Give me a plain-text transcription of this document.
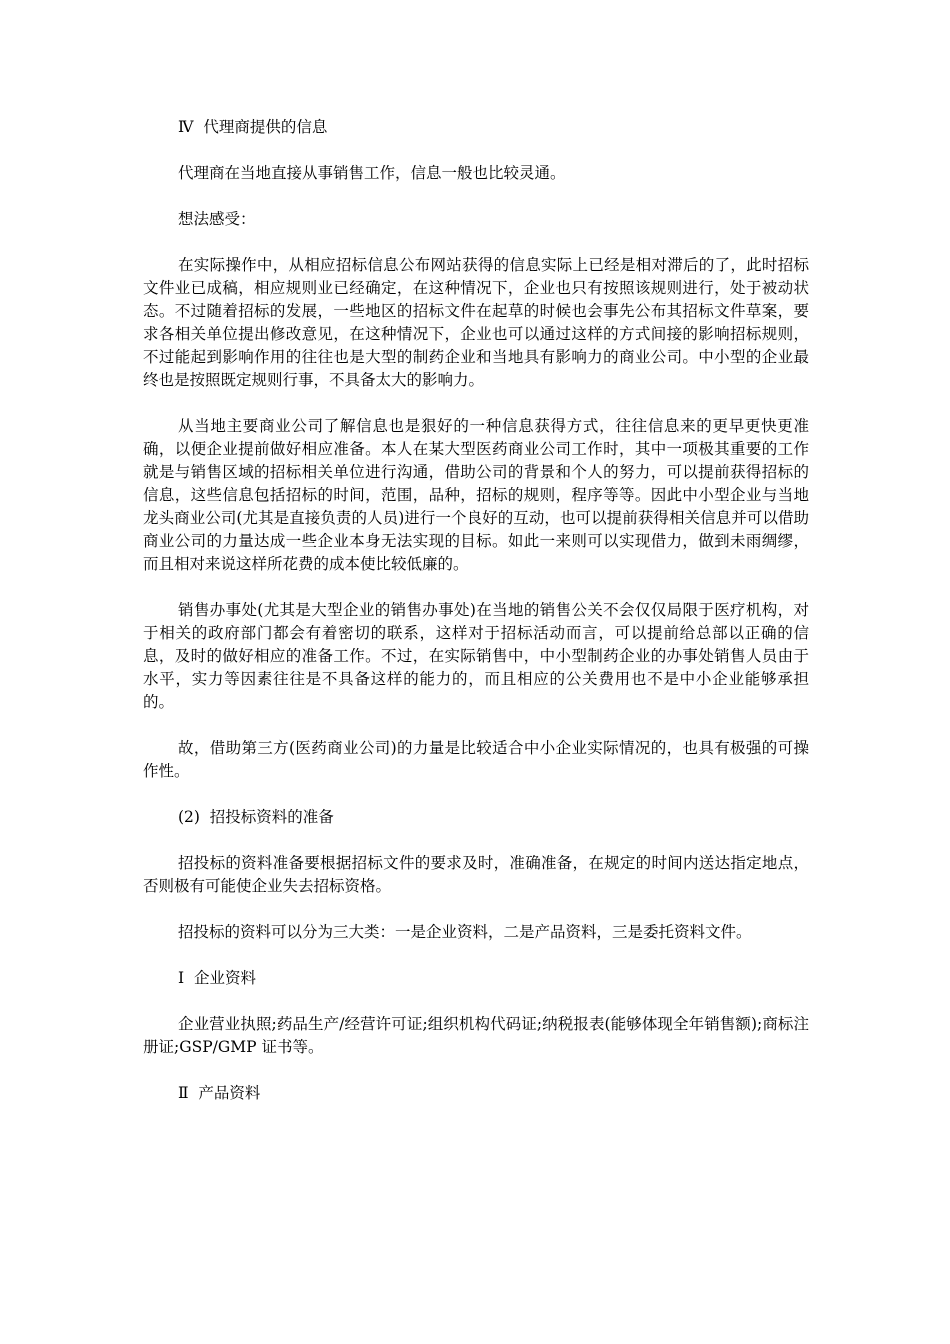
Ⅳ  代理商提供的信息

代理商在当地直接从事销售工作，信息一般也比较灵通。

想法感受：

在实际操作中，从相应招标信息公布网站获得的信息实际上已经是相对滞后的了，此时招标文件业已成稿，相应规则业已经确定，在这种情况下，企业也只有按照该规则进行，处于被动状态。不过随着招标的发展，一些地区的招标文件在起草的时候也会事先公布其招标文件草案，要求各相关单位提出修改意见，在这种情况下，企业也可以通过这样的方式间接的影响招标规则，不过能起到影响作用的往往也是大型的制药企业和当地具有影响力的商业公司。中小型的企业最终也是按照既定规则行事，不具备太大的影响力。

从当地主要商业公司了解信息也是狠好的一种信息获得方式，往往信息来的更早更快更准确，以便企业提前做好相应准备。本人在某大型医药商业公司工作时，其中一项极其重要的工作就是与销售区域的招标相关单位进行沟通，借助公司的背景和个人的努力，可以提前获得招标的信息，这些信息包括招标的时间，范围，品种，招标的规则，程序等等。因此中小型企业与当地龙头商业公司(尤其是直接负责的人员)进行一个良好的互动，也可以提前获得相关信息并可以借助商业公司的力量达成一些企业本身无法实现的目标。如此一来则可以实现借力，做到未雨绸缪，而且相对来说这样所花费的成本使比较低廉的。

销售办事处(尤其是大型企业的销售办事处)在当地的销售公关不会仅仅局限于医疗机构，对于相关的政府部门都会有着密切的联系，这样对于招标活动而言，可以提前给总部以正确的信息，及时的做好相应的准备工作。不过，在实际销售中，中小型制药企业的办事处销售人员由于水平，实力等因素往往是不具备这样的能力的，而且相应的公关费用也不是中小企业能够承担的。

故，借助第三方(医药商业公司)的力量是比较适合中小企业实际情况的，也具有极强的可操作性。

(2)  招投标资料的准备

招投标的资料准备要根据招标文件的要求及时，准确准备，在规定的时间内送达指定地点，否则极有可能使企业失去招标资格。

招投标的资料可以分为三大类：一是企业资料，二是产品资料，三是委托资料文件。

Ⅰ  企业资料

企业营业执照;药品生产/经营许可证;组织机构代码证;纳税报表(能够体现全年销售额);商标注册证;GSP/GMP 证书等。

Ⅱ  产品资料
